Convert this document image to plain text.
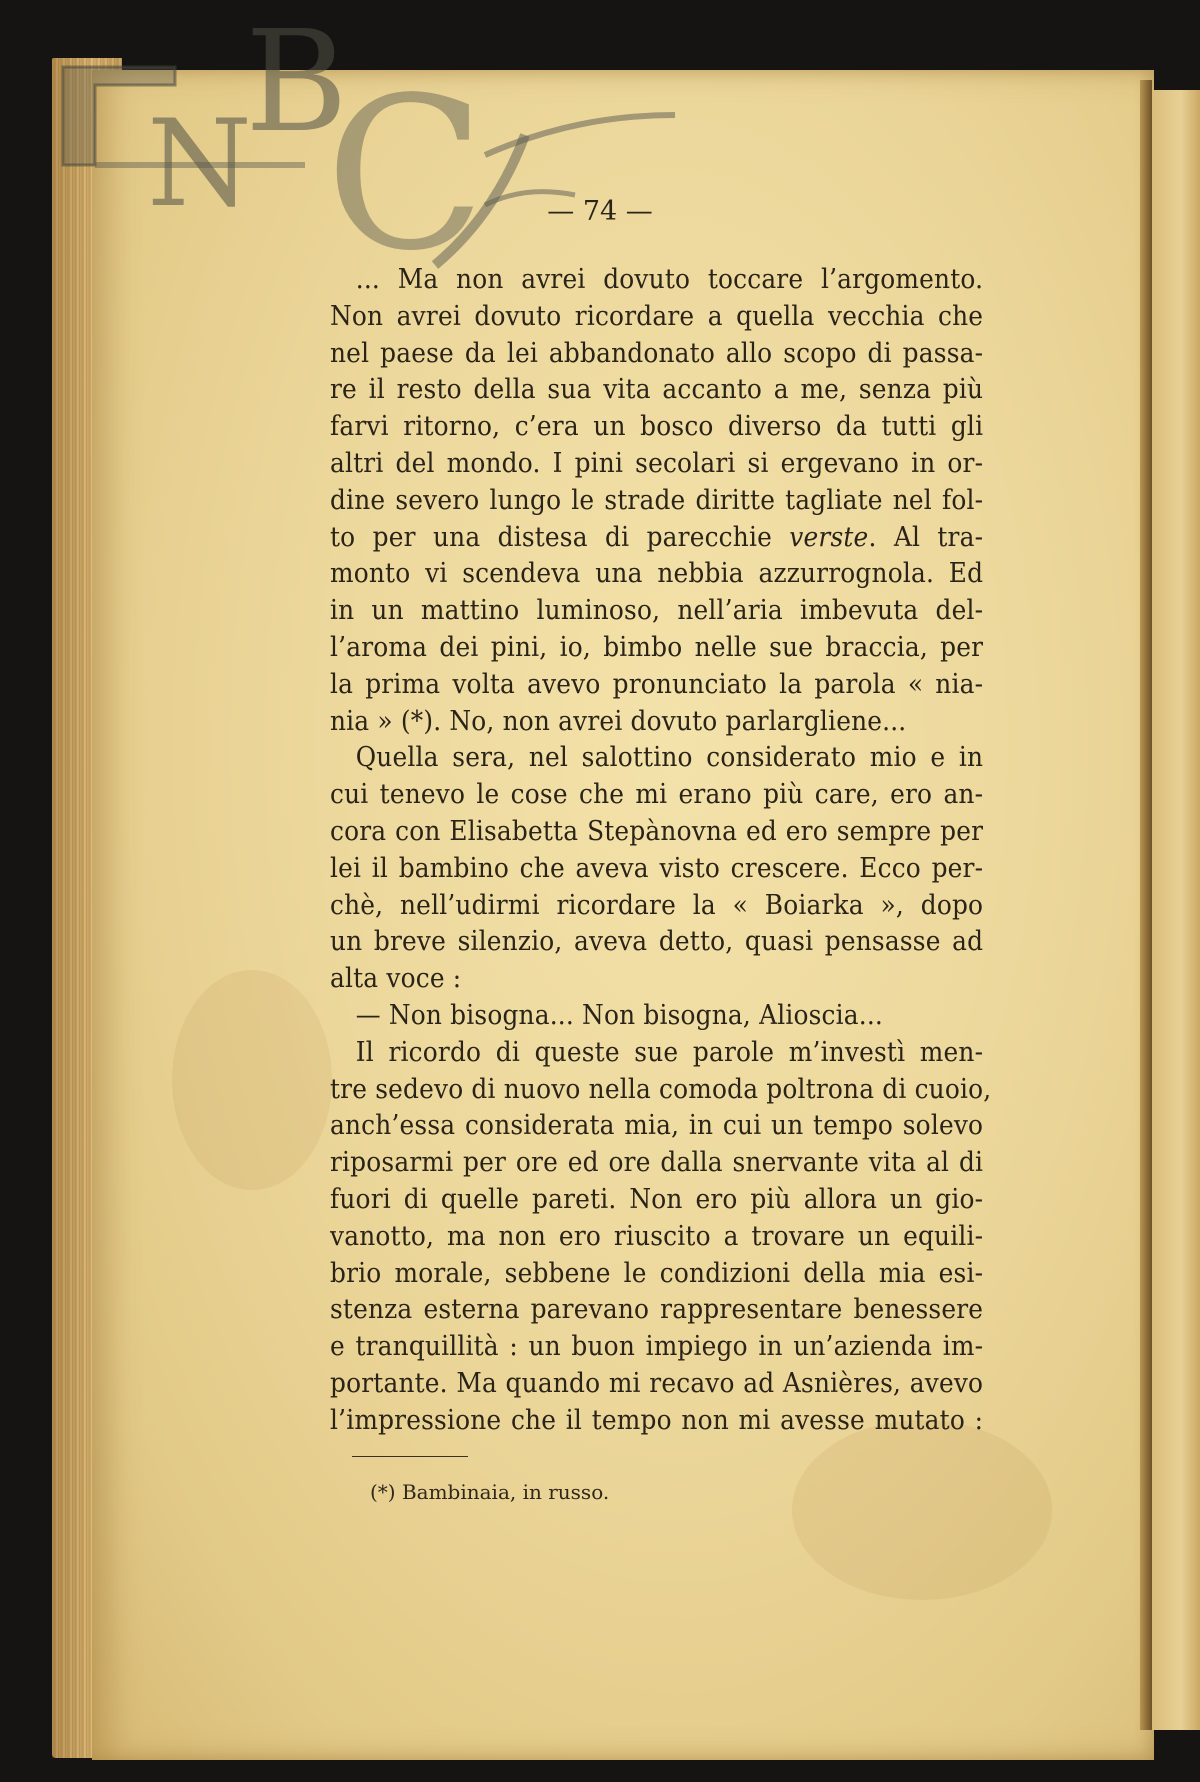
N
B
C	— 74 —
... Ma non avrei dovuto toccare l’argomento.
Non avrei dovuto ricordare a quella vecchia che
nel paese da lei abbandonato allo scopo di passa-
re il resto della sua vita accanto a me, senza più
farvi ritorno, c’era un bosco diverso da tutti gli
altri del mondo. I pini secolari si ergevano in or-
dine severo lungo le strade diritte tagliate nel fol-
to per una distesa di parecchie verste. Al tra-
monto vi scendeva una nebbia azzurrognola. Ed
in un mattino luminoso, nell’aria imbevuta del-
l’aroma dei pini, io, bimbo nelle sue braccia, per
la prima volta avevo pronunciato la parola « nia-
nia » (*). No, non avrei dovuto parlargliene...
Quella sera, nel salottino considerato mio e in
cui tenevo le cose che mi erano più care, ero an-
cora con Elisabetta Stepànovna ed ero sempre per
lei il bambino che aveva visto crescere. Ecco per-
chè, nell’udirmi ricordare la « Boiarka », dopo
un breve silenzio, aveva detto, quasi pensasse ad
alta voce :
— Non bisogna... Non bisogna, Alioscia...
Il ricordo di queste sue parole m’investì men-
tre sedevo di nuovo nella comoda poltrona di cuoio,
anch’essa considerata mia, in cui un tempo solevo
riposarmi per ore ed ore dalla snervante vita al di
fuori di quelle pareti. Non ero più allora un gio-
vanotto, ma non ero riuscito a trovare un equili-
brio morale, sebbene le condizioni della mia esi-
stenza esterna parevano rappresentare benessere
e tranquillità : un buon impiego in un’azienda im-
portante. Ma quando mi recavo ad Asnières, avevo
l’impressione che il tempo non mi avesse mutato :
(*) Bambinaia, in russo.
